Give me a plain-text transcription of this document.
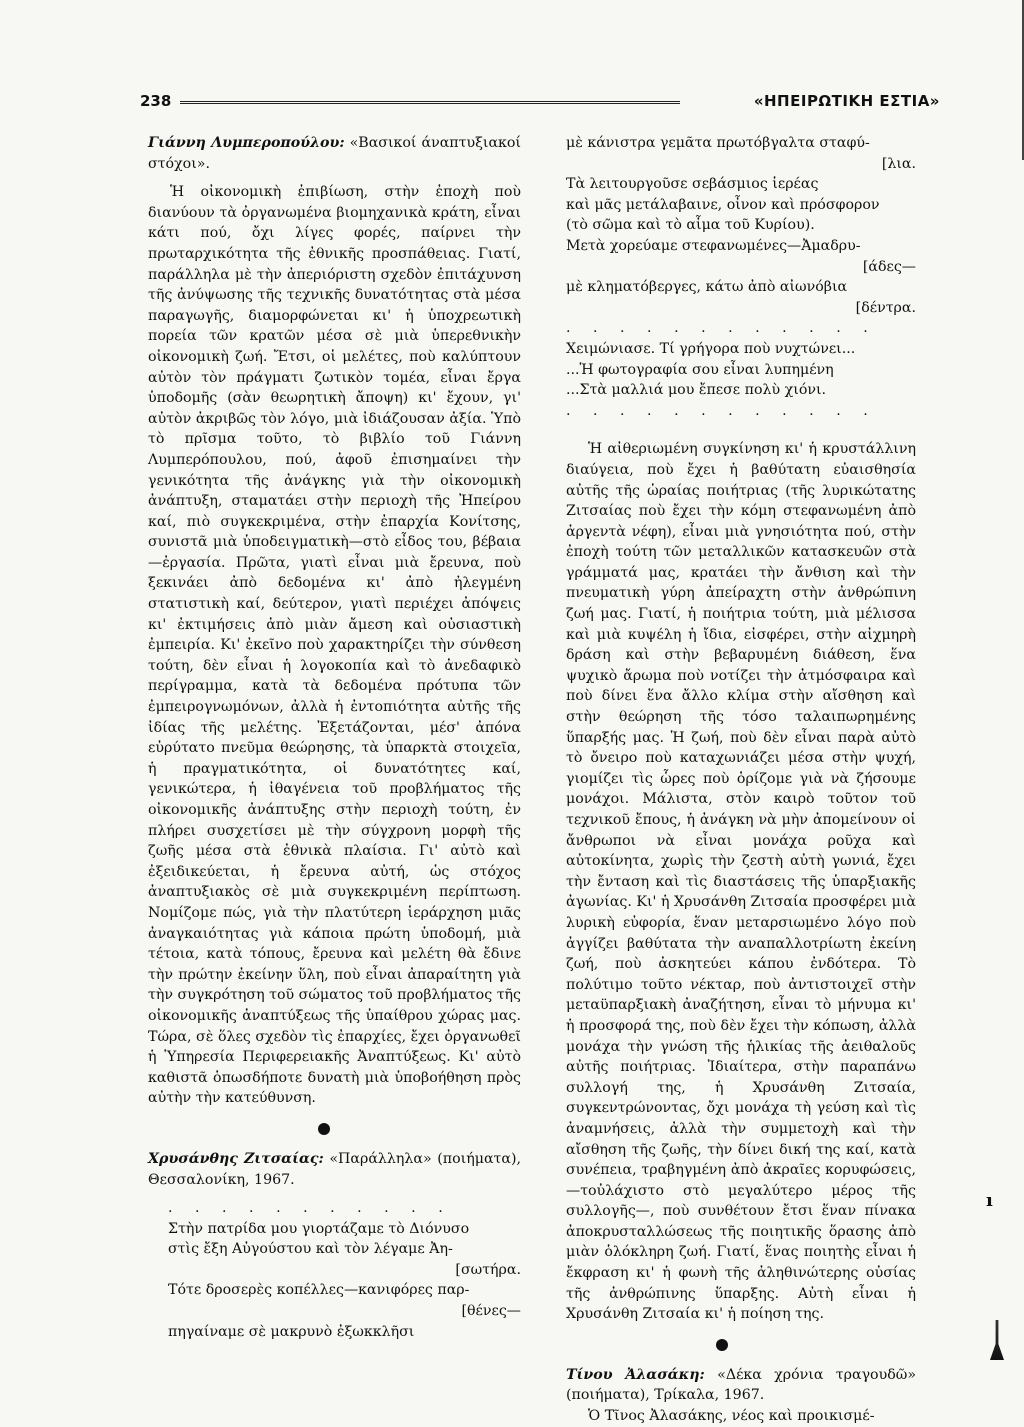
238	«ΗΠΕΙΡΩΤΙΚΗ ΕΣΤΙΑ»

Γιάννη Λυμπεροπούλου: «Βασικοί άναπτυξιακοί στόχοι».

Ἡ οἰκονομικὴ ἐπιβίωση, στὴν ἐποχὴ ποὺ διανύουν τὰ ὀργανωμένα βιομηχανικὰ κράτη, εἶναι κάτι πού, ὄχι λίγες φορές, παίρνει τὴν πρωταρχικότητα τῆς ἐθνικῆς προσπάθειας. Γιατί, παράλληλα μὲ τὴν ἀπεριόριστη σχεδὸν ἐπιτάχυνση τῆς ἀνύψωσης τῆς τεχνικῆς δυνατότητας στὰ μέσα παραγωγῆς, διαμορφώνεται κι' ἡ ὑποχρεωτικὴ πορεία τῶν κρατῶν μέσα σὲ μιὰ ὑπερεθνικὴν οἰκονομικὴ ζωή. Ἔτσι, οἱ μελέτες, ποὺ καλύπτουν αὐτὸν τὸν πράγματι ζωτικὸν τομέα, εἶναι ἔργα ὑποδομῆς (σὰν θεωρητικὴ ἄποψη) κι' ἔχουν, γι' αὐτὸν ἀκριβῶς τὸν λόγο, μιὰ ἰδιάζουσαν ἀξία. Ὑπὸ τὸ πρῖσμα τοῦτο, τὸ βιβλίο τοῦ Γιάννη Λυμπερόπουλου, πού, ἀφοῦ ἐπισημαίνει τὴν γενικότητα τῆς ἀνάγκης γιὰ τὴν οἰκονομικὴ ἀνάπτυξη, σταματάει στὴν περιοχὴ τῆς Ἠπείρου καί, πιὸ συγκεκριμένα, στὴν ἐπαρχία Κονίτσης, συνιστᾶ μιὰ ὑποδειγματικὴ—στὸ εἶδος του, βέβαια—ἐργασία. Πρῶτα, γιατὶ εἶναι μιὰ ἔρευνα, ποὺ ξεκινάει ἀπὸ δεδομένα κι' ἀπὸ ἠλεγμένη στατιστικὴ καί, δεύτερον, γιατὶ περιέχει ἀπόψεις κι' ἐκτιμήσεις ἀπὸ μιὰν ἄμεση καὶ οὐσιαστικὴ ἐμπειρία. Κι' ἐκεῖνο ποὺ χαρακτηρίζει τὴν σύνθεση τούτη, δὲν εἶναι ἡ λογοκοπία καὶ τὸ ἀνεδαφικὸ περίγραμμα, κατὰ τὰ δεδομένα πρότυπα τῶν ἐμπειρογνωμόνων, ἀλλὰ ἡ ἐντοπιότητα αὐτῆς τῆς ἰδίας τῆς μελέτης. Ἐξετάζονται, μέσ' ἀπόνα εὐρύτατο πνεῦμα θεώρησης, τὰ ὑπαρκτὰ στοιχεῖα, ἡ πραγματικότητα, οἱ δυνατότητες καί, γενικώτερα, ἡ ἰθαγένεια τοῦ προβλήματος τῆς οἰκονομικῆς ἀνάπτυξης στὴν περιοχὴ τούτη, ἐν πλήρει συσχετίσει μὲ τὴν σύγχρονη μορφὴ τῆς ζωῆς μέσα στὰ ἐθνικὰ πλαίσια. Γι' αὐτὸ καὶ ἐξειδικεύεται, ἡ ἔρευνα αὐτή, ὡς στόχος ἀναπτυξιακὸς σὲ μιὰ συγκεκριμένη περίπτωση. Νομίζομε πώς, γιὰ τὴν πλατύτερη ἱεράρχηση μιᾶς ἀναγκαιότητας γιὰ κάποια πρώτη ὑποδομή, μιὰ τέτοια, κατὰ τόπους, ἔρευνα καὶ μελέτη θὰ ἔδινε τὴν πρώτην ἐκείνην ὕλη, ποὺ εἶναι ἀπαραίτητη γιὰ τὴν συγκρότηση τοῦ σώματος τοῦ προβλήματος τῆς οἰκονομικῆς ἀναπτύξεως τῆς ὑπαίθρου χώρας μας. Τώρα, σὲ ὅλες σχεδὸν τὶς ἐπαρχίες, ἔχει ὀργανωθεῖ ἡ Ὑπηρεσία Περιφερειακῆς Ἀναπτύξεως. Κι' αὐτὸ καθιστᾶ ὁπωσδήποτε δυνατὴ μιὰ ὑποβοήθηση πρὸς αὐτὴν τὴν κατεύθυνση.

Χρυσάνθης Ζιτσαίας: «Παράλληλα» (ποιήματα), Θεσσαλονίκη, 1967.

. . . . . . . . . . .
Στὴν πατρίδα μου γιορτάζαμε τὸ Διόνυσο
στὶς ἔξη Αὐγούστου καὶ τὸν λέγαμε Ἀη-
[σωτήρα.
Τότε δροσερὲς κοπέλλες—κανιφόρες παρ-
[θένες—
πηγαίναμε σὲ μακρυνὸ ἐξωκκλῆσι
μὲ κάνιστρα γεμᾶτα πρωτόβγαλτα σταφύ-
[λια.
Τὰ λειτουργοῦσε σεβάσμιος ἱερέας
καὶ μᾶς μετάλαβαινε, οἶνον καὶ πρόσφορον
(τὸ σῶμα καὶ τὸ αἷμα τοῦ Κυρίου).
Μετὰ χορεύαμε στεφανωμένες—Ἀμαδρυ-
[άδες—
μὲ κληματόβεργες, κάτω ἀπὸ αἰωνόβια
[δέντρα.
. . . . . . . . . . . .
Χειμώνιασε. Τί γρήγορα ποὺ νυχτώνει...
...Ἡ φωτογραφία σου εἶναι λυπημένη
...Στὰ μαλλιά μου ἔπεσε πολὺ χιόνι.
. . . . . . . . . . . .

Ἡ αἰθεριωμένη συγκίνηση κι' ἡ κρυστάλλινη διαύγεια, ποὺ ἔχει ἡ βαθύτατη εὐαισθησία αὐτῆς τῆς ὡραίας ποιήτριας (τῆς λυρικώτατης Ζιτσαίας ποὺ ἔχει τὴν κόμη στεφανωμένη ἀπὸ ἀργεντὰ νέφη), εἶναι μιὰ γνησιότητα πού, στὴν ἐποχὴ τούτη τῶν μεταλλικῶν κατασκευῶν στὰ γράμματά μας, κρατάει τὴν ἄνθιση καὶ τὴν πνευματικὴ γύρη ἀπείραχτη στὴν ἀνθρώπινη ζωή μας. Γιατί, ἡ ποιήτρια τούτη, μιὰ μέλισσα καὶ μιὰ κυψέλη ἡ ἴδια, εἰσφέρει, στὴν αἰχμηρὴ δράση καὶ στὴν βεβαρυμένη διάθεση, ἕνα ψυχικὸ ἄρωμα ποὺ νοτίζει τὴν ἀτμόσφαιρα καὶ ποὺ δίνει ἕνα ἄλλο κλίμα στὴν αἴσθηση καὶ στὴν θεώρηση τῆς τόσο ταλαιπωρημένης ὕπαρξής μας. Ἡ ζωή, ποὺ δὲν εἶναι παρὰ αὐτὸ τὸ ὄνειρο ποὺ καταχωνιάζει μέσα στὴν ψυχή, γιομίζει τὶς ὧρες ποὺ ὁρίζομε γιὰ νὰ ζήσουμε μονάχοι. Μάλιστα, στὸν καιρὸ τοῦτον τοῦ τεχνικοῦ ἔπους, ἡ ἀνάγκη νὰ μὴν ἀπομείνουν οἱ ἄνθρωποι νὰ εἶναι μονάχα ροῦχα καὶ αὐτοκίνητα, χωρὶς τὴν ζεστὴ αὐτὴ γωνιά, ἔχει τὴν ἔνταση καὶ τὶς διαστάσεις τῆς ὑπαρξιακῆς ἀγωνίας. Κι' ἡ Χρυσάνθη Ζιτσαία προσφέρει μιὰ λυρικὴ εὐφορία, ἕναν μεταρσιωμένο λόγο ποὺ ἀγγίζει βαθύτατα τὴν αναπαλλοτρίωτη ἐκείνη ζωή, ποὺ ἀσκητεύει κάπου ἐνδότερα. Τὸ πολύτιμο τοῦτο νέκταρ, ποὺ ἀντιστοιχεῖ στὴν μεταϋπαρξιακὴ ἀναζήτηση, εἶναι τὸ μήνυμα κι' ἡ προσφορά της, ποὺ δὲν ἔχει τὴν κόπωση, ἀλλὰ μονάχα τὴν γνώση τῆς ἡλικίας τῆς ἀειθαλοῦς αὐτῆς ποιήτριας. Ἰδιαίτερα, στὴν παραπάνω συλλογή της, ἡ Χρυσάνθη Ζιτσαία, συγκεντρώνοντας, ὄχι μονάχα τὴ γεύση καὶ τὶς ἀναμνήσεις, ἀλλὰ τὴν συμμετοχὴ καὶ τὴν αἴσθηση τῆς ζωῆς, τὴν δίνει δική της καί, κατὰ συνέπεια, τραβηγμένη ἀπὸ ἀκραῖες κορυφώσεις,—τοὐλάχιστο στὸ μεγαλύτερο μέρος τῆς συλλογῆς—, ποὺ συνθέτουν ἔτσι ἕναν πίνακα ἀποκρυσταλλώσεως τῆς ποιητικῆς ὅρασης ἀπὸ μιὰν ὁλόκληρη ζωή. Γιατί, ἕνας ποιητὴς εἶναι ἡ ἔκφραση κι' ἡ φωνὴ τῆς ἀληθινώτερης οὐσίας τῆς ἀνθρώπινης ὕπαρξης. Αὐτὴ εἶναι ἡ Χρυσάνθη Ζιτσαία κι' ἡ ποίηση της.

Τίνου Ἀλασάκη: «Δέκα χρόνια τραγουδῶ» (ποιήματα), Τρίκαλα, 1967.

Ὁ Τῖνος Ἀλασάκης, νέος καὶ προικισμέ-

ı
